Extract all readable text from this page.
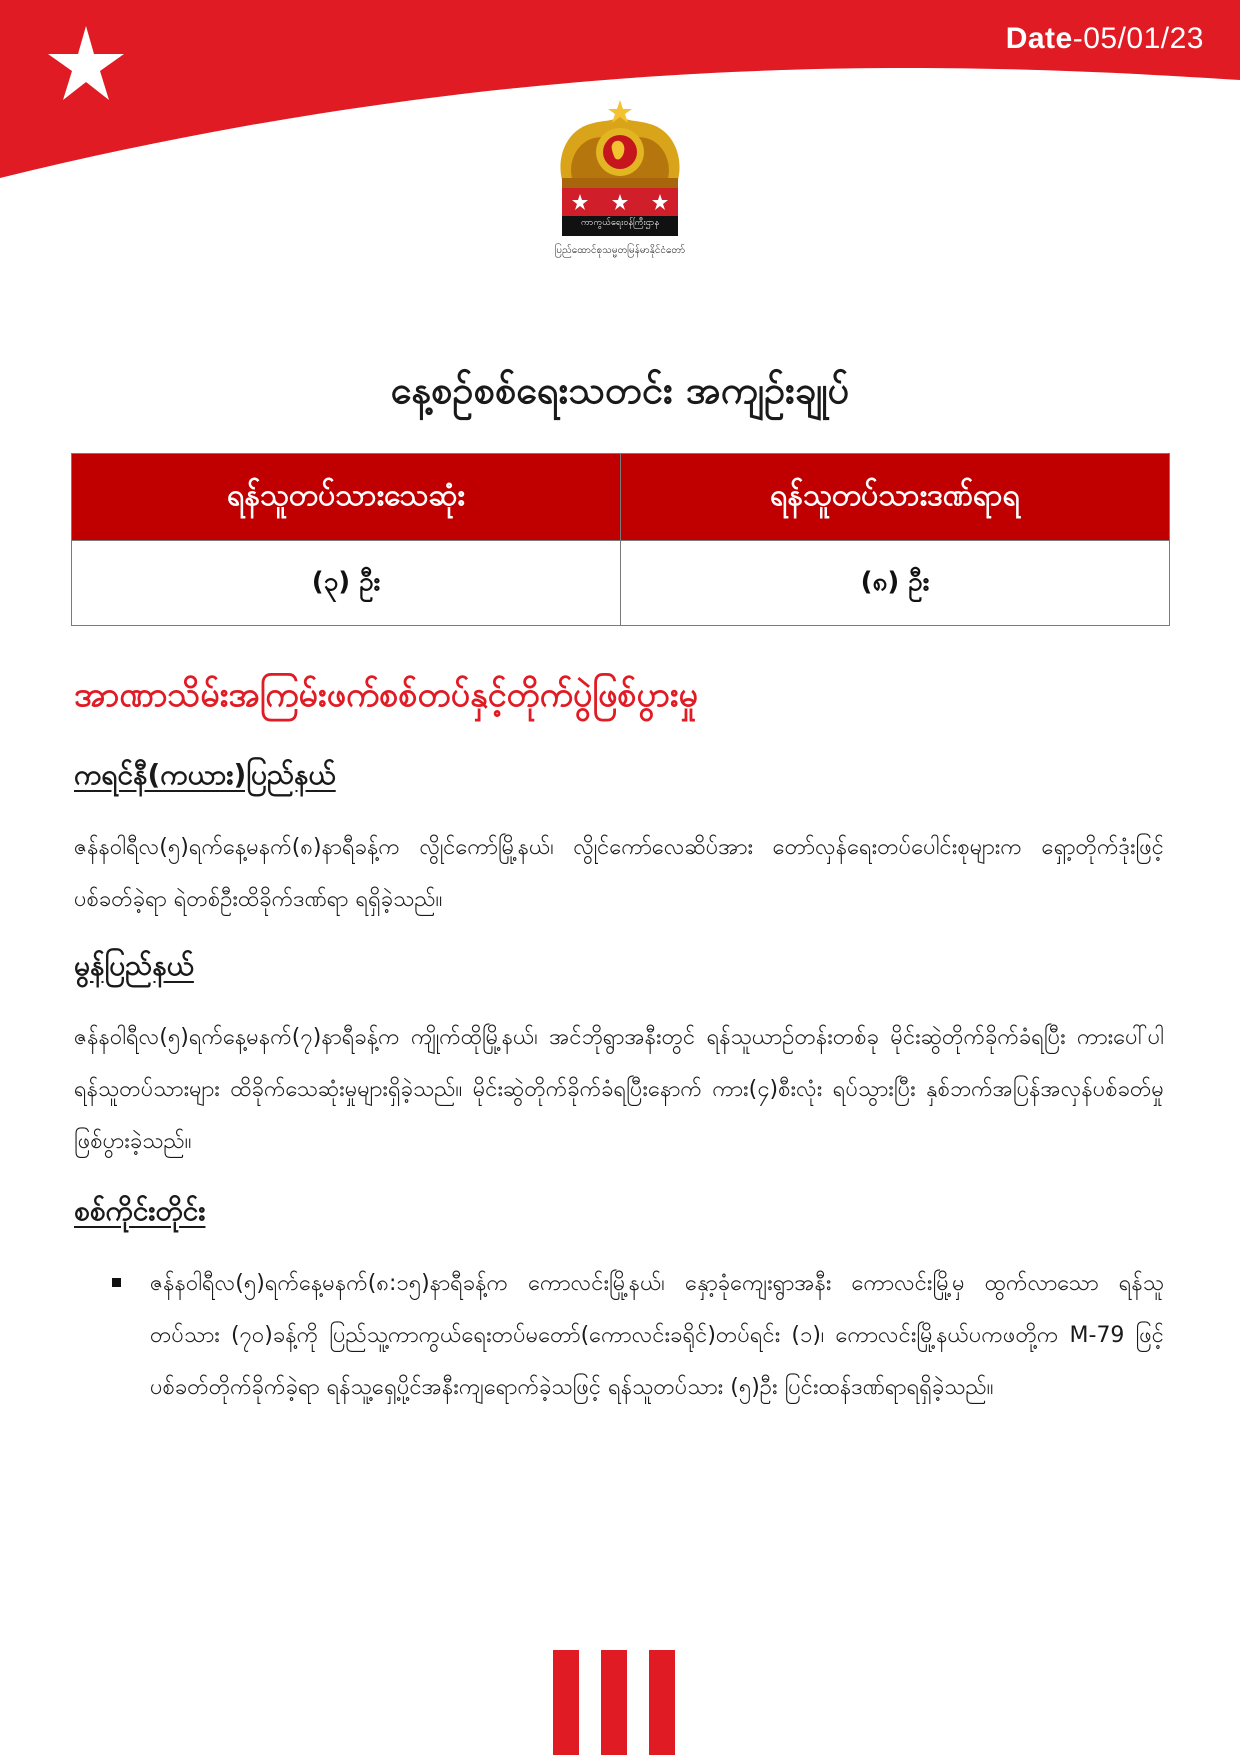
Date-05/01/23
ကာကွယ်ရေးဝန်ကြီးဌာန
ပြည်ထောင်စုသမ္မတမြန်မာနိုင်ငံတော်
နေ့စဉ်စစ်ရေးသတင်း အကျဉ်းချုပ်
ရန်သူတပ်သားသေဆုံး	ရန်သူတပ်သားဒဏ်ရာရ
(၃) ဦး	(၈) ဦး
အာဏာသိမ်းအကြမ်းဖက်စစ်တပ်နှင့်တိုက်ပွဲဖြစ်ပွားမှု
ကရင်နီ(ကယား)ပြည်နယ်
ဇန်နဝါရီလ(၅)ရက်နေ့မနက်(၈)နာရီခန့်က လွိုင်ကော်မြို့နယ်၊ လွိုင်ကော်လေဆိပ်အား တော်လှန်ရေးတပ်ပေါင်းစုများက ရှော့တိုက်ဒုံးဖြင့်ပစ်ခတ်ခဲ့ရာ ရဲတစ်ဦးထိခိုက်ဒဏ်ရာ ရရှိခဲ့သည်။
မွန်ပြည်နယ်
ဇန်နဝါရီလ(၅)ရက်နေ့မနက်(၇)နာရီခန့်က ကျိုက်ထိုမြို့နယ်၊ အင်ဘိုရွာအနီးတွင် ရန်သူယာဉ်တန်းတစ်ခု မိုင်းဆွဲတိုက်ခိုက်ခံရပြီး ကားပေါ်ပါ ရန်သူတပ်သားများ ထိခိုက်သေဆုံးမှုများရှိခဲ့သည်။ မိုင်းဆွဲတိုက်ခိုက်ခံရပြီးနောက် ကား(၄)စီးလုံး ရပ်သွားပြီး နှစ်ဘက်အပြန်အလှန်ပစ်ခတ်မှုဖြစ်ပွားခဲ့သည်။
စစ်ကိုင်းတိုင်း
ဇန်နဝါရီလ(၅)ရက်နေ့မနက်(၈:၁၅)နာရီခန့်က ကောလင်းမြို့နယ်၊ နှော့ခုံကျေးရွာအနီး ကောလင်းမြို့မှ ထွက်လာသော ရန်သူတပ်သား (၇၀)ခန့်ကို ပြည်သူ့ကာကွယ်ရေးတပ်မတော်(ကောလင်းခရိုင်)တပ်ရင်း (၁)၊ ကောလင်းမြို့နယ်ပကဖတို့က M-79 ဖြင့်ပစ်ခတ်တိုက်ခိုက်ခဲ့ရာ ရန်သူ့ရှေ့ပို့င်အနီးကျရောက်ခဲ့သဖြင့် ရန်သူတပ်သား (၅)ဦး ပြင်းထန်ဒဏ်ရာရရှိခဲ့သည်။
